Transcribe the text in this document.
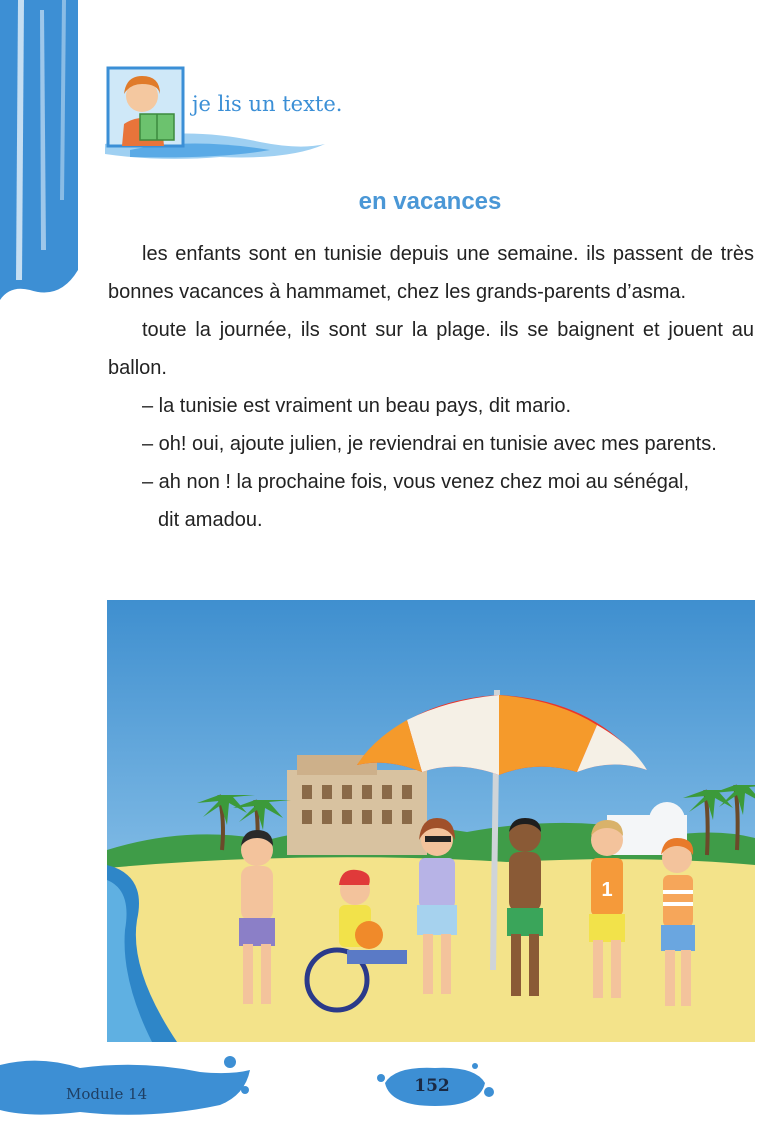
je lis un texte.
en vacances

les enfants sont en tunisie depuis une semaine. ils passent de très bonnes vacances à hammamet, chez les grands-parents d’asma.

toute la journée, ils sont sur la plage. ils se baignent et jouent au ballon.

– la tunisie est vraiment un beau pays, dit mario.

– oh! oui, ajoute julien, je reviendrai en tunisie avec mes parents.

– ah non ! la prochaine fois, vous venez chez moi au sénégal,

dit amadou.

1
Module 14	152
